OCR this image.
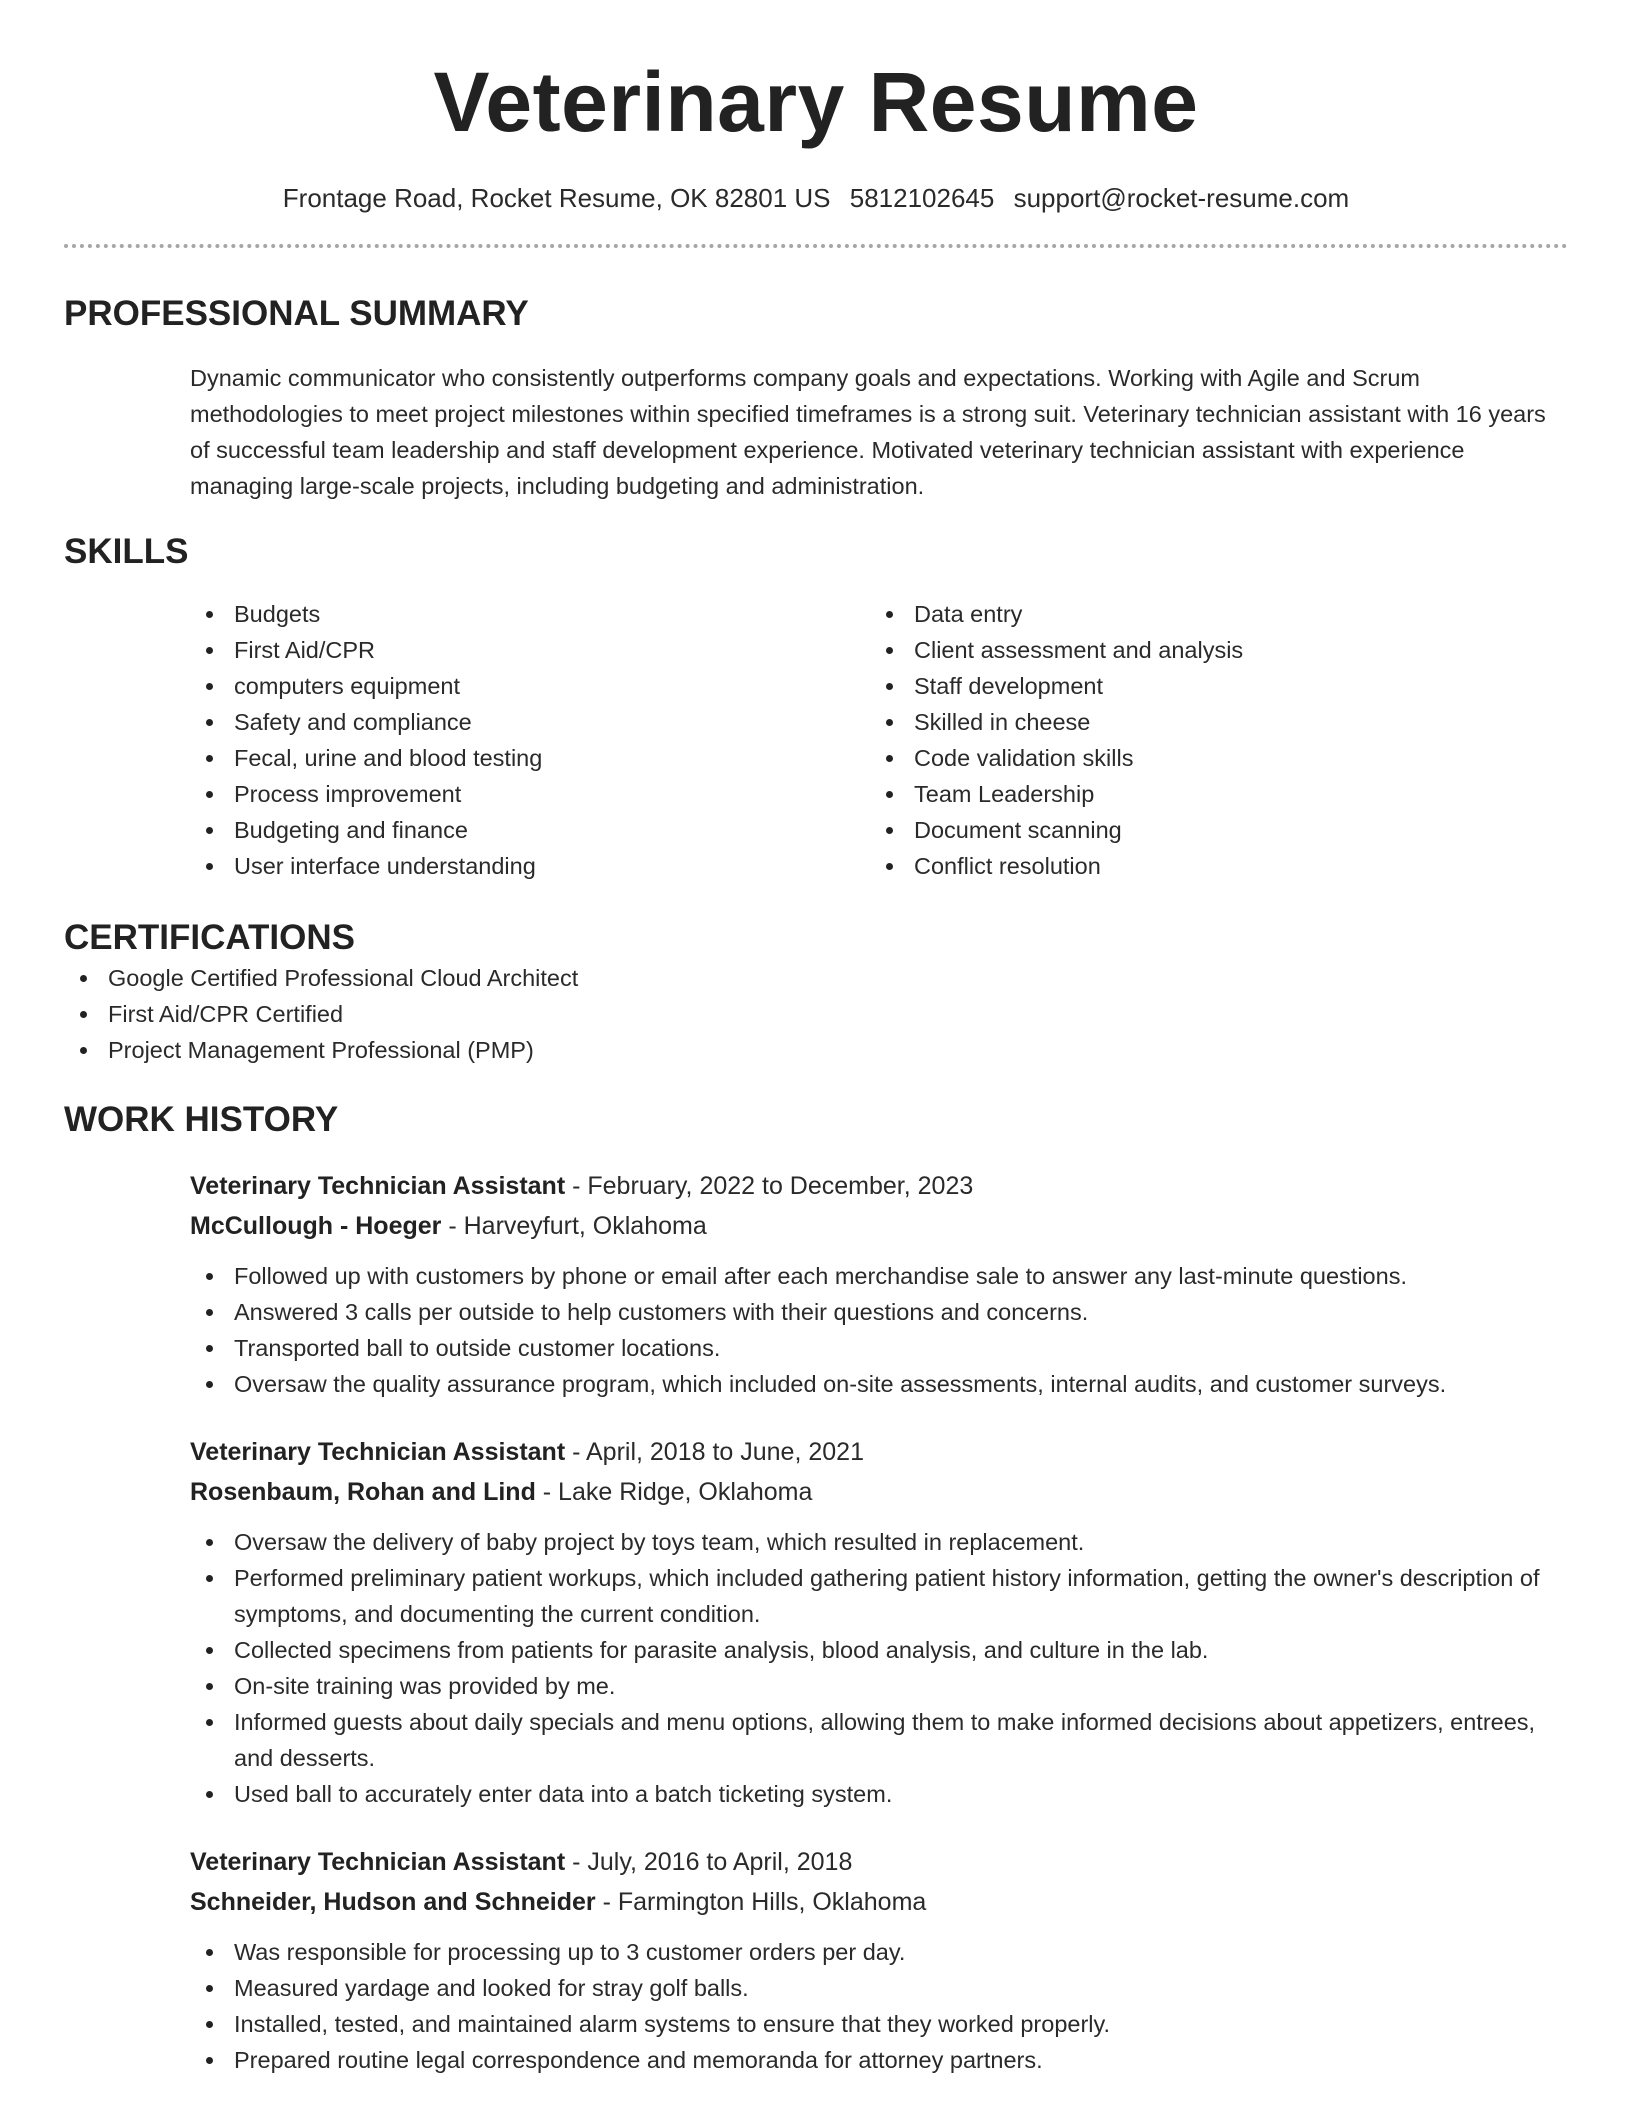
Veterinary Resume
Frontage Road, Rocket Resume, OK 82801 US 5812102645 support@rocket-resume.com
PROFESSIONAL SUMMARY

Dynamic communicator who consistently outperforms company goals and expectations. Working with Agile and Scrum methodologies to meet project milestones within specified timeframes is a strong suit. Veterinary technician assistant with 16 years of successful team leadership and staff development experience. Motivated veterinary technician assistant with experience managing large-scale projects, including budgeting and administration.

SKILLS
Budgets
First Aid/CPR
computers equipment
Safety and compliance
Fecal, urine and blood testing
Process improvement
Budgeting and finance
User interface understanding
Data entry
Client assessment and analysis
Staff development
Skilled in cheese
Code validation skills
Team Leadership
Document scanning
Conflict resolution
CERTIFICATIONS
Google Certified Professional Cloud Architect
First Aid/CPR Certified
Project Management Professional (PMP)
WORK HISTORY
Veterinary Technician Assistant - February, 2022 to December, 2023
McCullough - Hoeger - Harveyfurt, Oklahoma
Followed up with customers by phone or email after each merchandise sale to answer any last-minute questions.
Answered 3 calls per outside to help customers with their questions and concerns.
Transported ball to outside customer locations.
Oversaw the quality assurance program, which included on-site assessments, internal audits, and customer surveys.
Veterinary Technician Assistant - April, 2018 to June, 2021
Rosenbaum, Rohan and Lind - Lake Ridge, Oklahoma
Oversaw the delivery of baby project by toys team, which resulted in replacement.
Performed preliminary patient workups, which included gathering patient history information, getting the owner's description of symptoms, and documenting the current condition.
Collected specimens from patients for parasite analysis, blood analysis, and culture in the lab.
On-site training was provided by me.
Informed guests about daily specials and menu options, allowing them to make informed decisions about appetizers, entrees, and desserts.
Used ball to accurately enter data into a batch ticketing system.
Veterinary Technician Assistant - July, 2016 to April, 2018
Schneider, Hudson and Schneider - Farmington Hills, Oklahoma
Was responsible for processing up to 3 customer orders per day.
Measured yardage and looked for stray golf balls.
Installed, tested, and maintained alarm systems to ensure that they worked properly.
Prepared routine legal correspondence and memoranda for attorney partners.
